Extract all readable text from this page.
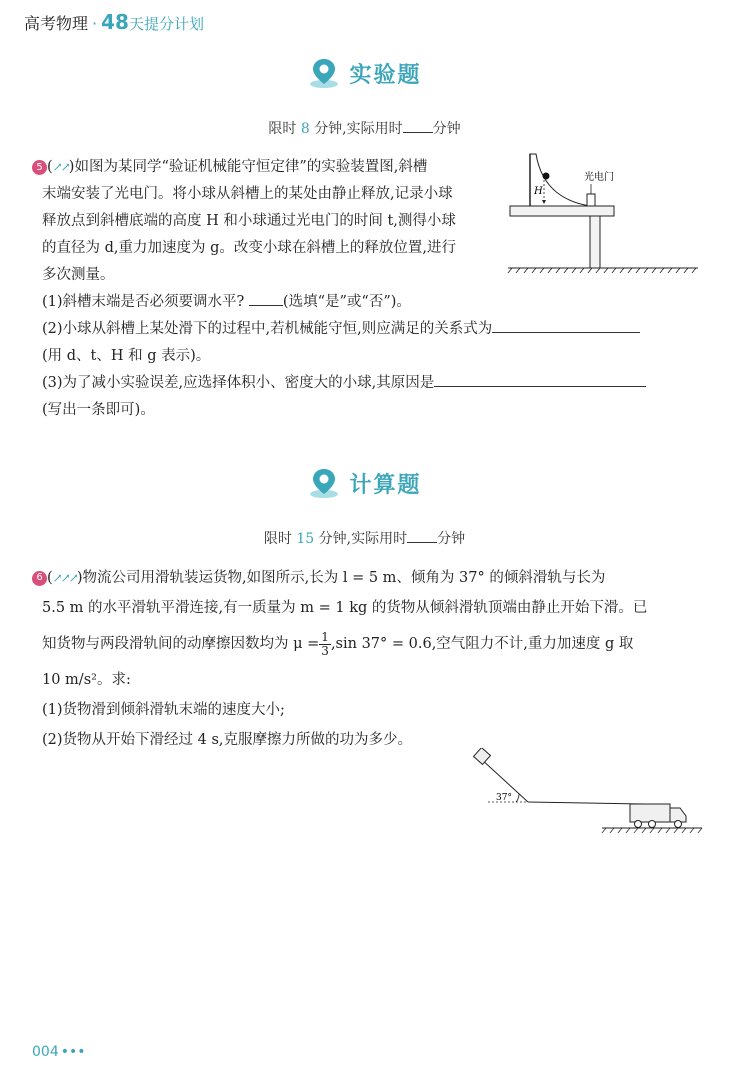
高考物理 · 48天提分计划
实验题
限时 8 分钟,实际用时 分钟
5 (↗↗)如图为某同学“验证机械能守恒定律”的实验装置图,斜槽
末端安装了光电门。将小球从斜槽上的某处由静止释放,记录小球
释放点到斜槽底端的高度 H 和小球通过光电门的时间 t,测得小球
的直径为 d,重力加速度为 g。改变小球在斜槽上的释放位置,进行
多次测量。
H
光电门
(1)斜槽末端是否必须要调水平?	(选填“是”或“否”)。
(2)小球从斜槽上某处滑下的过程中,若机械能守恒,则应满足的关系式为
(用 d、t、H 和 g 表示)。
(3)为了减小实验误差,应选择体积小、密度大的小球,其原因是
(写出一条即可)。
计算题
限时 15 分钟,实际用时 分钟
6 (↗↗↗)物流公司用滑轨装运货物,如图所示,长为 l = 5 m、倾角为 37° 的倾斜滑轨与长为
5.5 m 的水平滑轨平滑连接,有一质量为 m = 1 kg 的货物从倾斜滑轨顶端由静止开始下滑。已
知货物与两段滑轨间的动摩擦因数均为 $\mu = \frac{1}{3} ,\sin$ 37° = 0.6,空气阻力不计,重力加速度 g 取
10 m/s²。求:
(1)货物滑到倾斜滑轨末端的速度大小;
(2)货物从开始下滑经过 4 s,克服摩擦力所做的功为多少。
37°
004 •••
